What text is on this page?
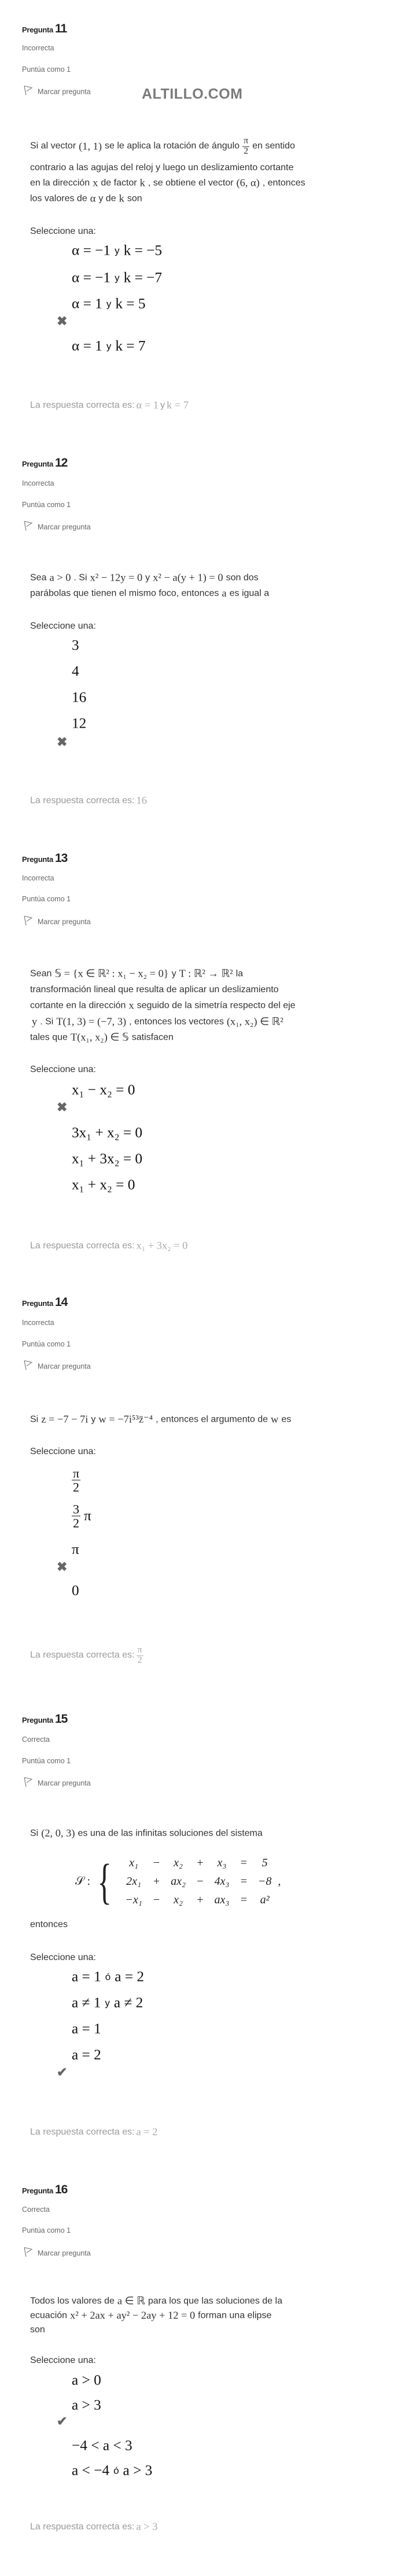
ALTILLO.COM
Pregunta 11
Incorrecta
Puntúa como 1
Marcar pregunta
Si al vector (1, 1) se le aplica la rotación de ángulo $\frac{\pi}{2}$ en sentido
contrario a las agujas del reloj y luego un deslizamiento cortante
en la dirección x de factor k , se obtiene el vector (6, α) , entonces
los valores de α y de k son
Seleccione una:
α = −1 y k = −5
α = −1 y k = −7
α = 1 y k = 5
α = 1 y k = 7
✖
La respuesta correcta es: α = 1 y k = 7
Pregunta 12
Incorrecta
Puntúa como 1
Marcar pregunta
Sea a > 0 . Si x² − 12y = 0 y x² − a(y + 1) = 0 son dos
parábolas que tienen el mismo foco, entonces a es igual a
Seleccione una:
3
4
16
12
✖
La respuesta correcta es: 16
Pregunta 13
Incorrecta
Puntúa como 1
Marcar pregunta
Sean 𝕊 = {x ∈ ℝ² : x₁ − x₂ = 0} y T : ℝ² → ℝ² la
transformación lineal que resulta de aplicar un deslizamiento
cortante en la dirección x seguido de la simetría respecto del eje
y . Si T(1, 3) = (−7, 3) , entonces los vectores (x₁, x₂) ∈ ℝ²
tales que T(x₁, x₂) ∈ 𝕊 satisfacen
Seleccione una:
x₁ − x₂ = 0
3x₁ + x₂ = 0
x₁ + 3x₂ = 0
x₁ + x₂ = 0
✖
La respuesta correcta es: x₁ + 3x₂ = 0
Pregunta 14
Incorrecta
Puntúa como 1
Marcar pregunta
Si z = −7 − 7i y w = −7i⁵³z̄⁻⁴ , entonces el argumento de w es
Seleccione una:
$\frac{\pi}{2}$
$\frac{3}{2}$ π
π
0
✖
La respuesta correcta es: $\frac{\pi}{2}$
Pregunta 15
Correcta
Puntúa como 1
Marcar pregunta
Si (2, 0, 3) es una de las infinitas soluciones del sistema
𝒮 : { x₁	−	x₂	+	x₃	=	5
2x₁	+	ax₂	−	4x₃	=	−8
−x₁	−	x₂	+	ax₃	=	a²
,
entonces
Seleccione una:
a = 1 ó a = 2
a ≠ 1 y a ≠ 2
a = 1
a = 2
✔
La respuesta correcta es: a = 2
Pregunta 16
Correcta
Puntúa como 1
Marcar pregunta
Todos los valores de a ∈ ℝ para los que las soluciones de la
ecuación x² + 2ax + ay² − 2ay + 12 = 0 forman una elipse
son
Seleccione una:
a > 0
a > 3
−4 < a < 3
a < −4 ó a > 3
✔
La respuesta correcta es: a > 3
